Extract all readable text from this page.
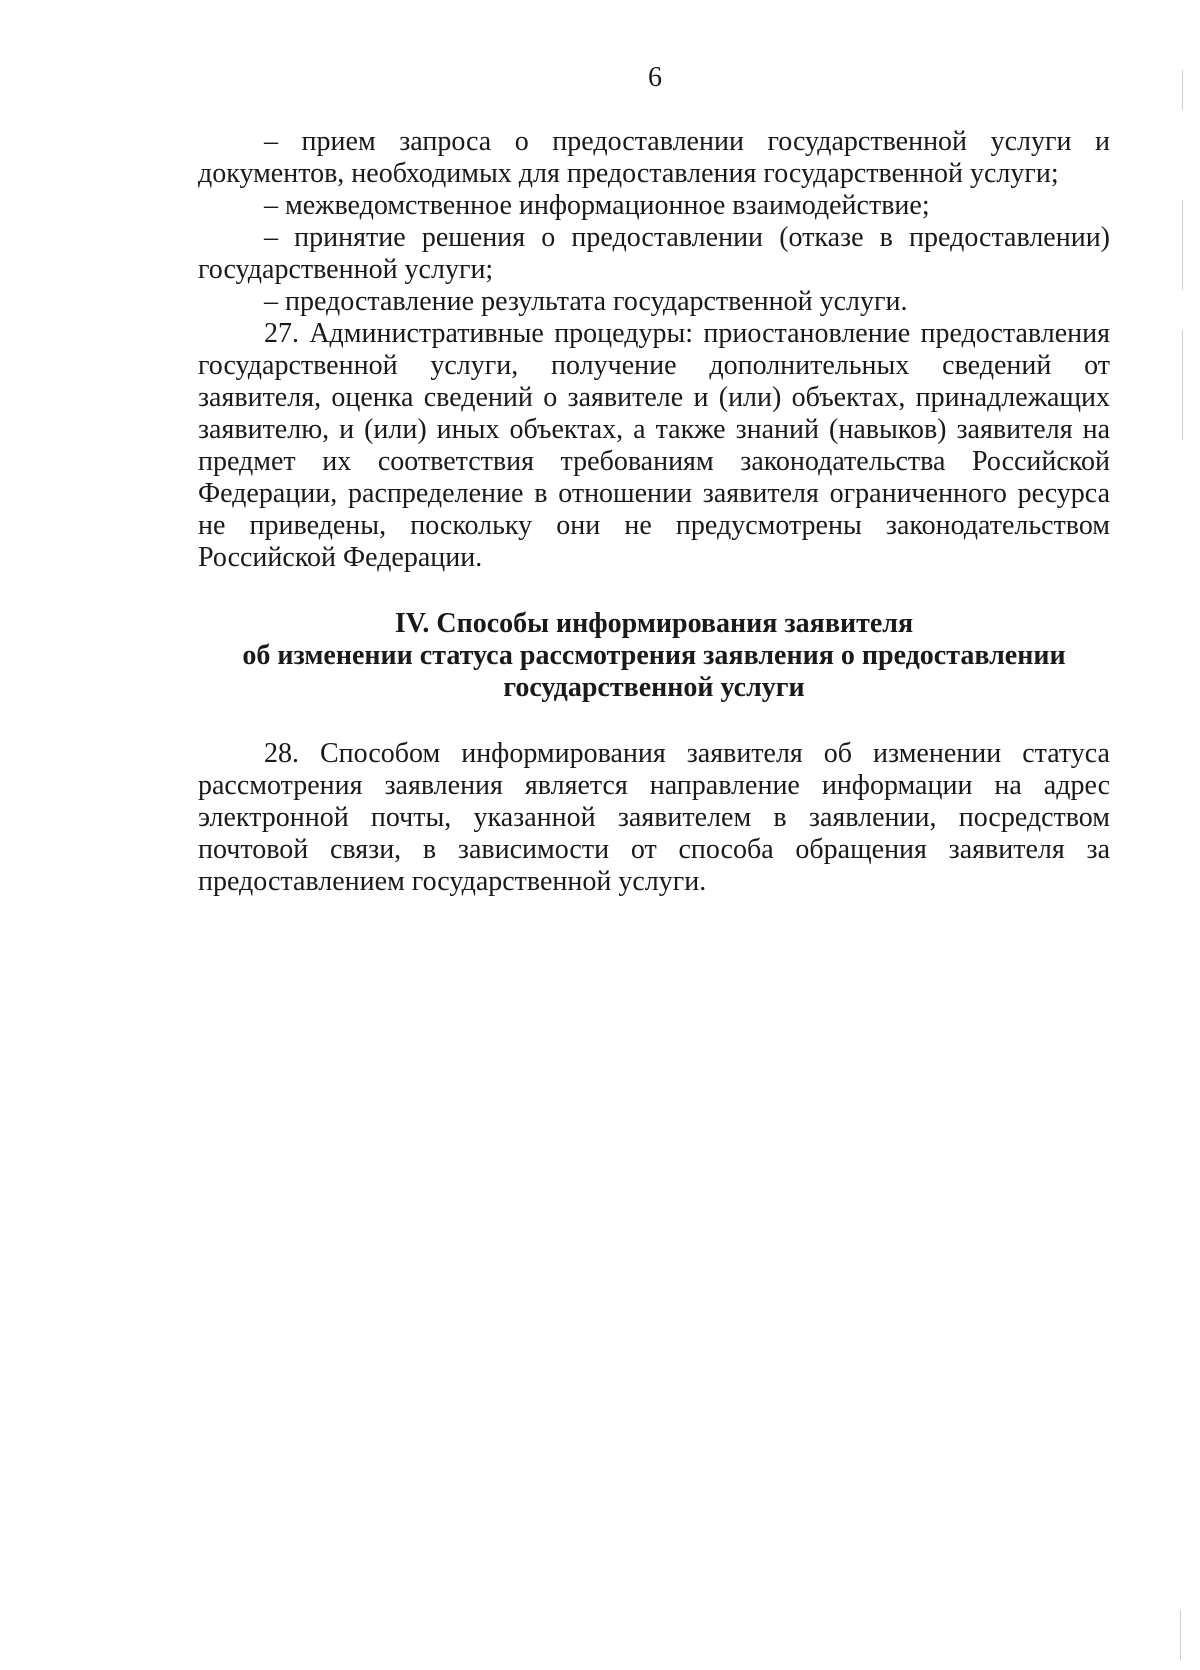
6

– прием запроса о предоставлении государственной услуги и документов, необходимых для предоставления государственной услуги;

– межведомственное информационное взаимодействие;

– принятие решения о предоставлении (отказе в предоставлении) государственной услуги;

– предоставление результата государственной услуги.

27. Административные процедуры: приостановление предоставления государственной услуги, получение дополнительных сведений от заявителя, оценка сведений о заявителе и (или) объектах, принадлежащих заявителю, и (или) иных объектах, а также знаний (навыков) заявителя на предмет их соответствия требованиям законодательства Российской Федерации, распределение в отношении заявителя ограниченного ресурса не приведены, поскольку они не предусмотрены законодательством Российской Федерации.

IV. Способы информирования заявителя
об изменении статуса рассмотрения заявления о предоставлении
государственной услуги

28. Способом информирования заявителя об изменении статуса рассмотрения заявления является направление информации на адрес электронной почты, указанной заявителем в заявлении, посредством почтовой связи, в зависимости от способа обращения заявителя за предоставлением государственной услуги.
